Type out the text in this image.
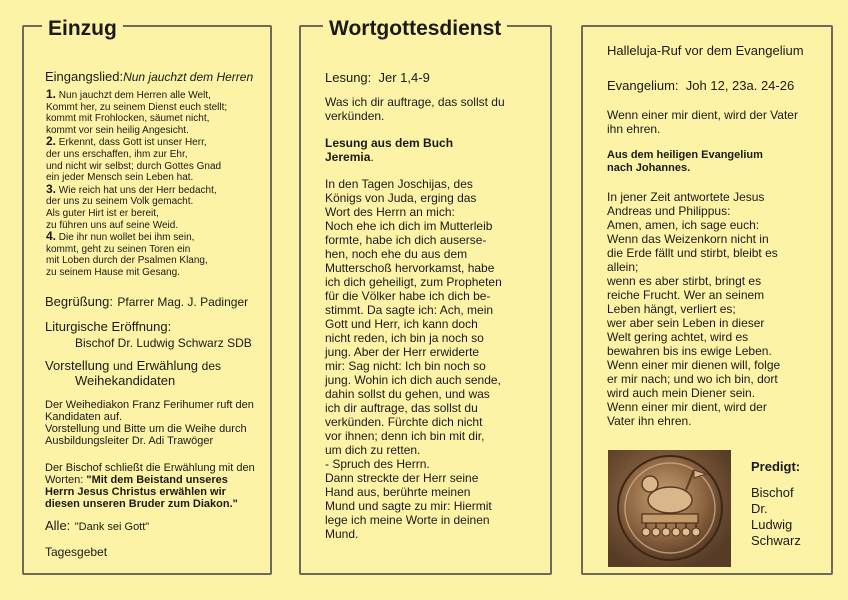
Einzug
Eingangslied:Nun jauchzt dem Herren
1. Nun jauchzt dem Herren alle Welt,
Kommt her, zu seinem Dienst euch stellt;
kommt mit Frohlocken, säumet nicht,
kommt vor sein heilig Angesicht.
2. Erkennt, dass Gott ist unser Herr,
der uns erschaffen, ihm zur Ehr,
und nicht wir selbst; durch Gottes Gnad
ein jeder Mensch sein Leben hat.
3. Wie reich hat uns der Herr bedacht,
der uns zu seinem Volk gemacht.
Als guter Hirt ist er bereit,
zu führen uns auf seine Weid.
4. Die ihr nun wollet bei ihm sein,
kommt, geht zu seinen Toren ein
mit Loben durch der Psalmen Klang,
zu seinem Hause mit Gesang.
Begrüßung: Pfarrer Mag. J. Padinger
Liturgische Eröffnung:
Bischof Dr. Ludwig Schwarz SDB
Vorstellung und Erwählung des
Weihekandidaten
Der Weihediakon Franz Ferihumer ruft den
Kandidaten auf.
Vorstellung und Bitte um die Weihe durch
Ausbildungsleiter Dr. Adi Trawöger
Der Bischof schließt die Erwählung mit den
Worten: "Mit dem Beistand unseres
Herrn Jesus Christus erwählen wir
diesen unseren Bruder zum Diakon."
Alle: "Dank sei Gott"
Tagesgebet
Wortgottesdienst
Lesung: Jer 1,4-9
Was ich dir auftrage, das sollst du
verkünden.
Lesung aus dem Buch
Jeremia.

In den Tagen Joschijas, des

Königs von Juda, erging das

Wort des Herrn an mich:

Noch ehe ich dich im Mutterleib

formte, habe ich dich auserse-

hen, noch ehe du aus dem

Mutterschoß hervorkamst, habe

ich dich geheiligt, zum Propheten

für die Völker habe ich dich be-

stimmt. Da sagte ich: Ach, mein

Gott und Herr, ich kann doch

nicht reden, ich bin ja noch so

jung. Aber der Herr erwiderte

mir: Sag nicht: Ich bin noch so

jung. Wohin ich dich auch sende,

dahin sollst du gehen, und was

ich dir auftrage, das sollst du

verkünden. Fürchte dich nicht

vor ihnen; denn ich bin mit dir,

um dich zu retten.

- Spruch des Herrn.

Dann streckte der Herr seine

Hand aus, berührte meinen

Mund und sagte zu mir: Hiermit

lege ich meine Worte in deinen

Mund.

Halleluja-Ruf vor dem Evangelium
Evangelium: Joh 12, 23a. 24-26
Wenn einer mir dient, wird der Vater
ihn ehren.
Aus dem heiligen Evangelium
nach Johannes.

In jener Zeit antwortete Jesus

Andreas und Philippus:

Amen, amen, ich sage euch:

Wenn das Weizenkorn nicht in

die Erde fällt und stirbt, bleibt es

allein;

wenn es aber stirbt, bringt es

reiche Frucht. Wer an seinem

Leben hängt, verliert es;

wer aber sein Leben in dieser

Welt gering achtet, wird es

bewahren bis ins ewige Leben.

Wenn einer mir dienen will, folge

er mir nach; und wo ich bin, dort

wird auch mein Diener sein.

Wenn einer mir dient, wird der

Vater ihn ehren.

Predigt:
Bischof
Dr.
Ludwig
Schwarz
